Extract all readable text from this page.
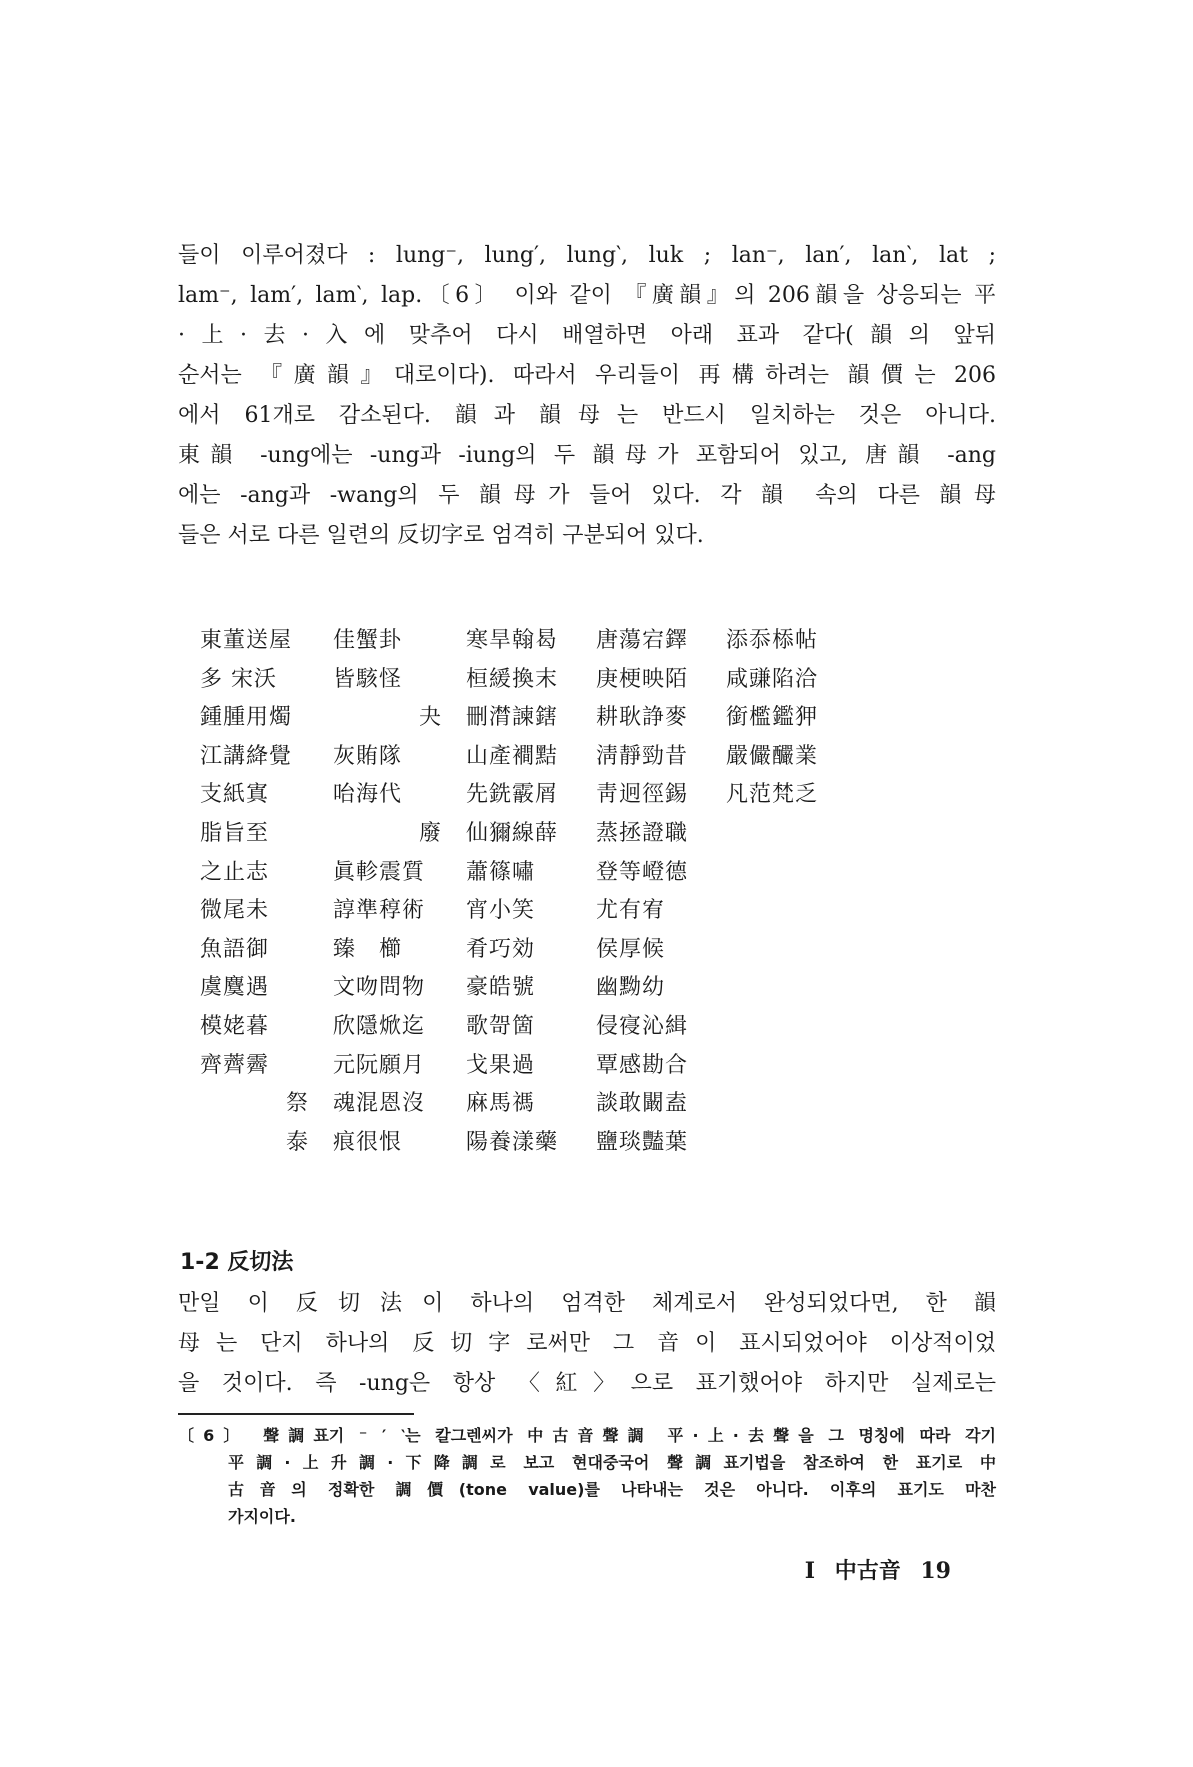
들이 이루어졌다 : lung⁻, lung′, lung‵, luk ; lan⁻, lan′, lan‵, lat ;

lam⁻, lam′, lam‵, lap.〔6〕 이와 같이 『廣韻』의 206韻을 상응되는 平

·上·去·入에 맞추어 다시 배열하면 아래 표과 같다(韻의 앞뒤

순서는 『廣韻』대로이다). 따라서 우리들이 再構하려는 韻價는 206

에서 61개로 감소된다. 韻과 韻母는 반드시 일치하는 것은 아니다.

東韻 -ung에는 -ung과 -iung의 두 韻母가 포함되어 있고, 唐韻 -ang

에는 -ang과 -wang의 두 韻母가 들어 있다. 각 韻 속의 다른 韻母

들은 서로 다른 일련의 反切字로 엄격히 구분되어 있다.

東董送屋
多 宋沃
鍾腫用燭
江講絳覺
支紙寘
脂旨至
之止志
微尾未
魚語御
虞麌遇
模姥暮
齊薺霽
祭
泰
佳蟹卦
皆駭怪
夬
灰賄隊
咍海代
廢
眞軫震質
諄準稕術
臻　櫛
文吻問物
欣隱焮迄
元阮願月
魂混恩沒
痕很恨
寒旱翰曷
桓緩換末
刪潸諫鎋
山產襇黠
先銑霰屑
仙獮線薛
蕭篠嘯
宵小笑
肴巧効
豪皓號
歌哿箇
戈果過
麻馬禡
陽養漾藥
唐蕩宕鐸
庚梗映陌
耕耿諍麥
淸靜勁昔
靑迥徑錫
蒸拯證職
登等嶝德
尤有宥
侯厚候
幽黝幼
侵寑沁緝
覃感勘合
談敢闞盍
鹽琰豔葉
添忝㮇帖
咸豏陷洽
銜檻鑑狎
嚴儼釅業
凡范梵乏
1-2 反切法

만일 이 反切法이 하나의 엄격한 체계로서 완성되었다면, 한 韻

母는 단지 하나의 反切字로써만 그 音이 표시되었어야 이상적이었

을 것이다. 즉 -ung은 항상 〈紅〉으로 표기했어야 하지만 실제로는

〔6〕 聲調표기 ⁻ ′ ‵는 칼그렌씨가 中古音聲調 平·上·去聲을 그 명칭에 따라 각기

平調·上升調·下降調로 보고 현대중국어 聲調표기법을 참조하여 한 표기로 中

古音의 정확한 調價(tone value)를 나타내는 것은 아니다. 이후의 표기도 마찬

가지이다.

I 中古音 19
